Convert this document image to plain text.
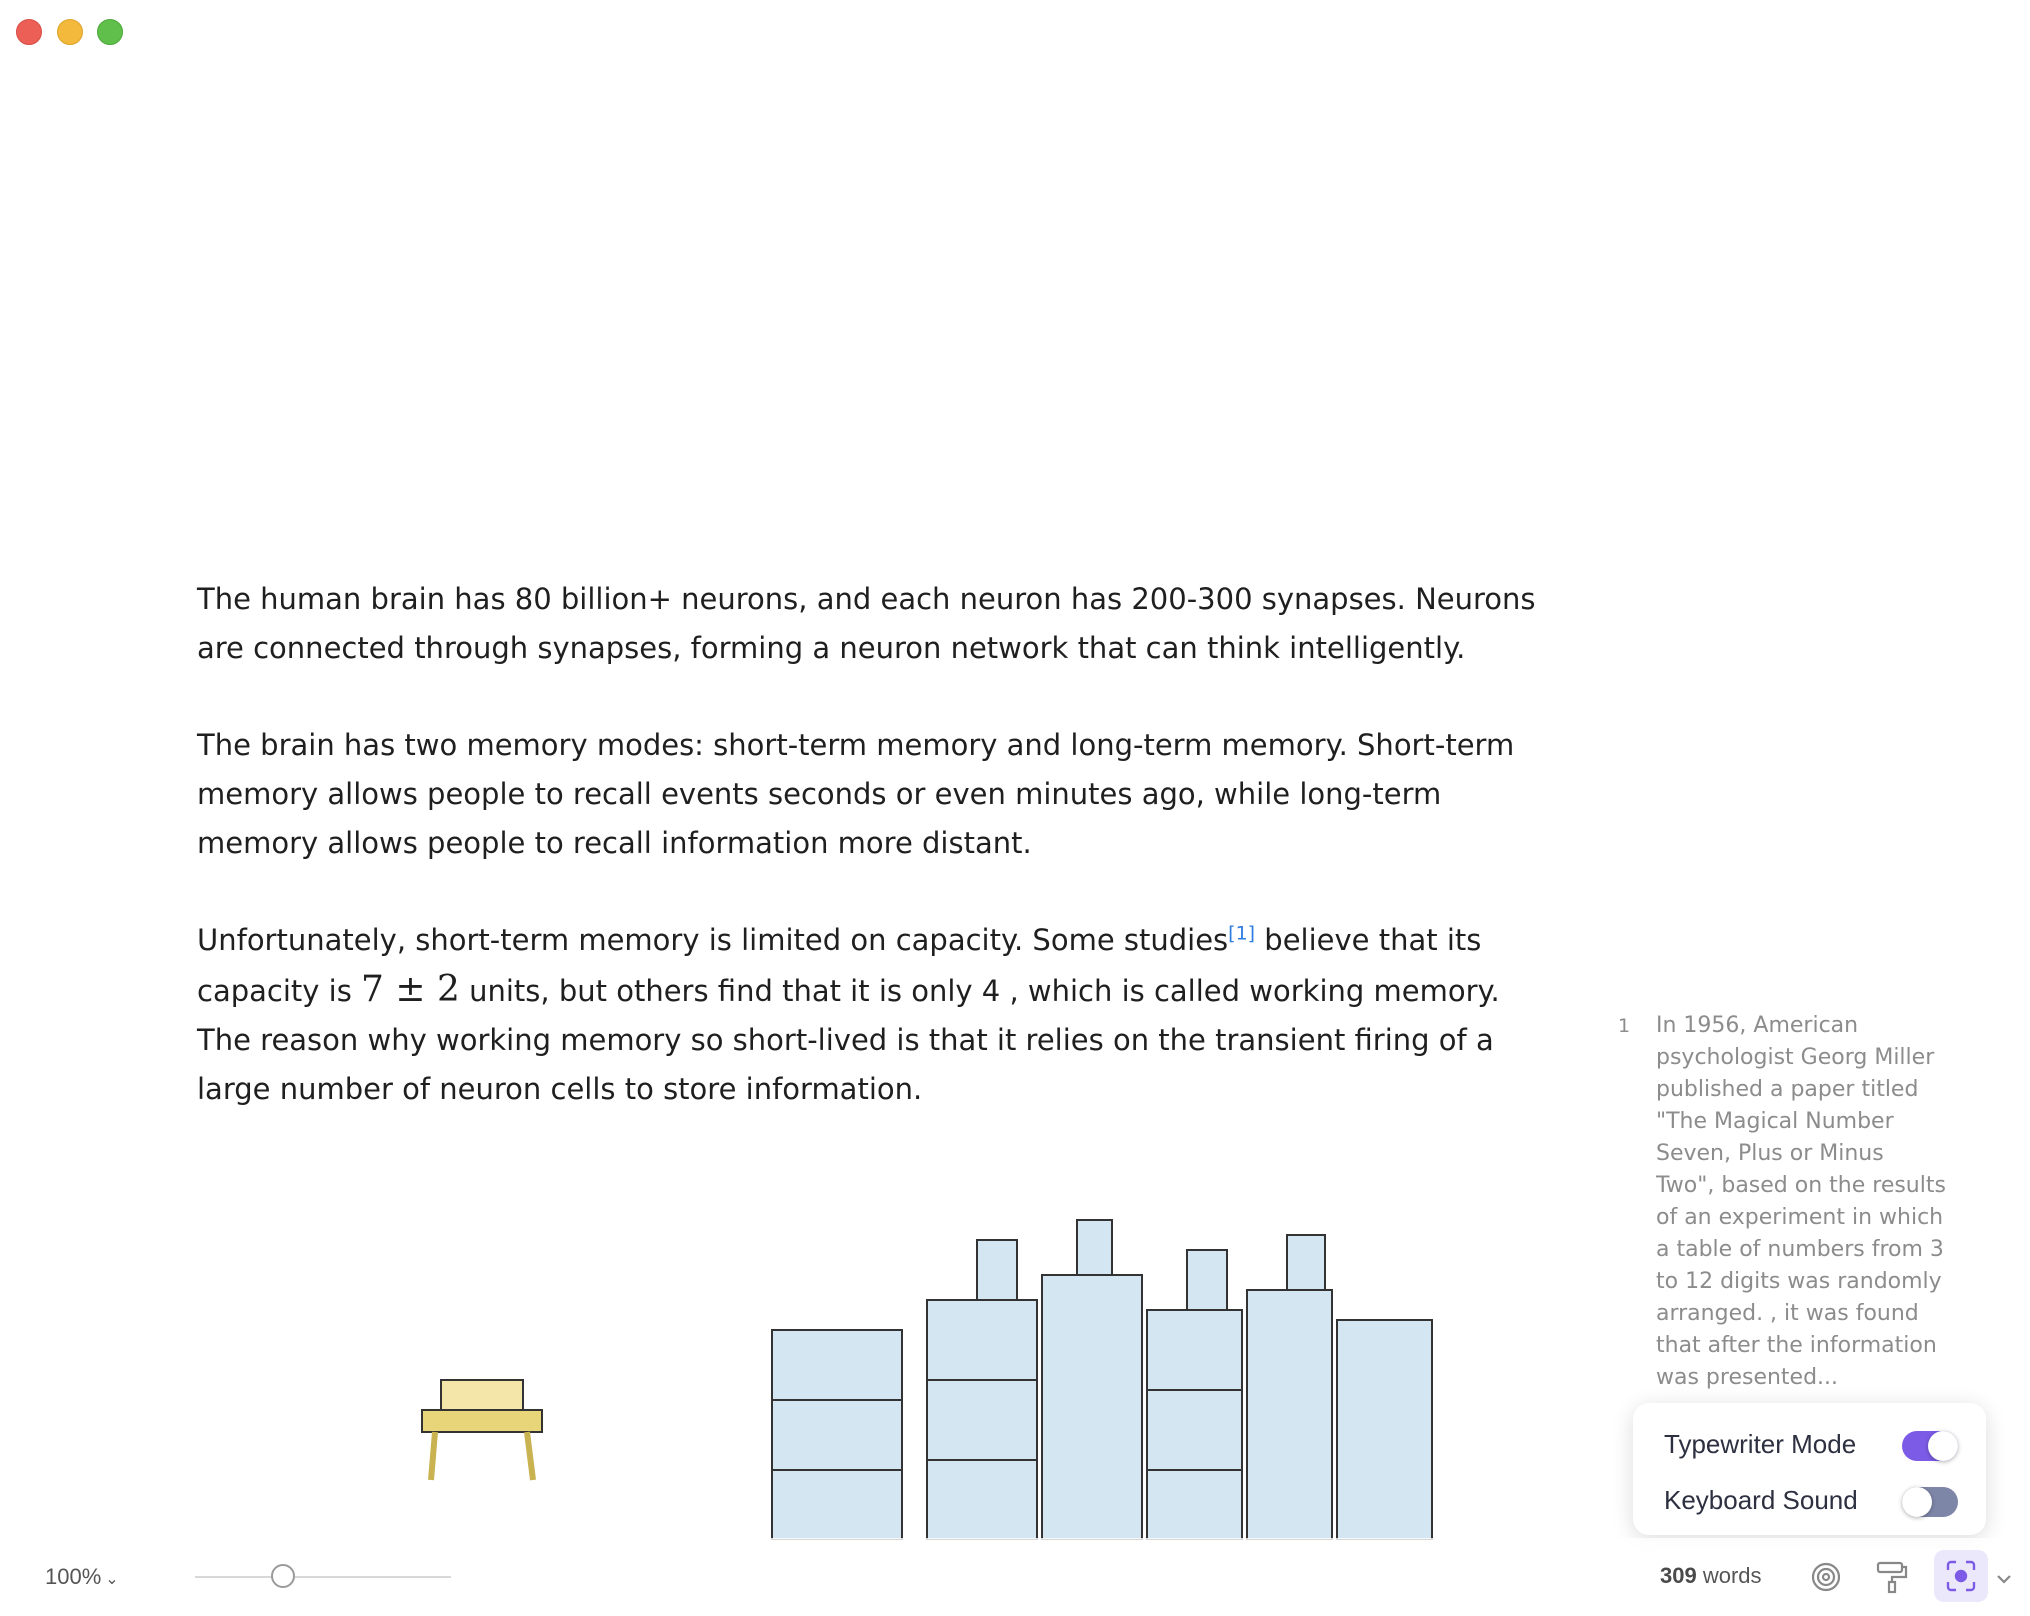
The human brain has 80 billion+ neurons, and each neuron has 200-300 synapses. Neurons are connected through synapses, forming a neuron network that can think intelligently.

The brain has two memory modes: short-term memory and long-term memory. Short-term memory allows people to recall events seconds or even minutes ago, while long-term memory allows people to recall information more distant.

Unfortunately, short-term memory is limited on capacity. Some studies[1] believe that its capacity is 7 ± 2 units, but others find that it is only 4 , which is called working memory. The reason why working memory so short-lived is that it relies on the transient firing of a large number of neuron cells to store information.

1 In 1956, American psychologist Georg Miller published a paper titled "The Magical Number Seven, Plus or Minus Two", based on the results of an experiment in which a table of numbers from 3 to 12 digits was randomly arranged. , it was found that after the information was presented...
Typewriter Mode
Keyboard Sound
100% ⌄	309 words
